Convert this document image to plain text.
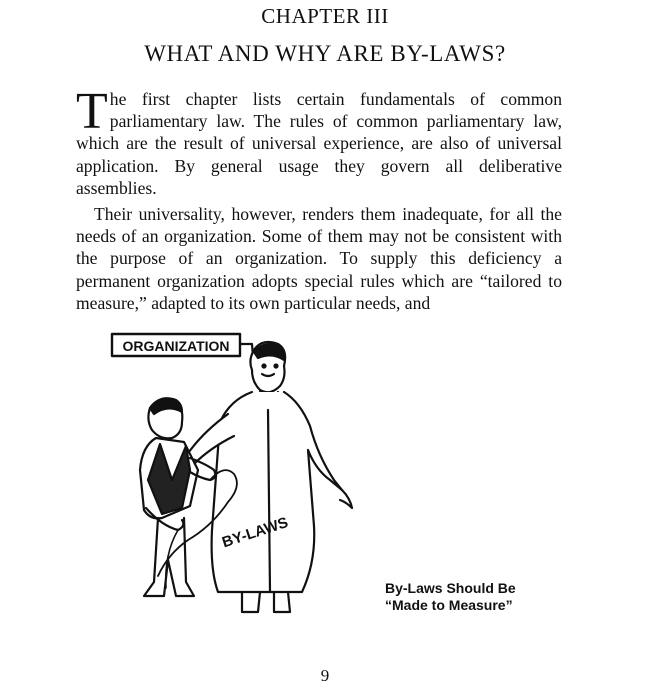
CHAPTER III
WHAT AND WHY ARE BY-LAWS?

The first chapter lists certain fundamentals of common parliamentary law. The rules of common parliamentary law, which are the result of universal experience, are also of universal application. By general usage they govern all deliberative assemblies.

Their universality, however, renders them inadequate, for all the needs of an organization. Some of them may not be consistent with the purpose of an organization. To supply this deficiency a permanent organization adopts special rules which are “tailored to measure,” adapted to its own particular needs, and

BY-LAWS
ORGANIZATION
By-Laws Should Be
“Made to Measure”
9
